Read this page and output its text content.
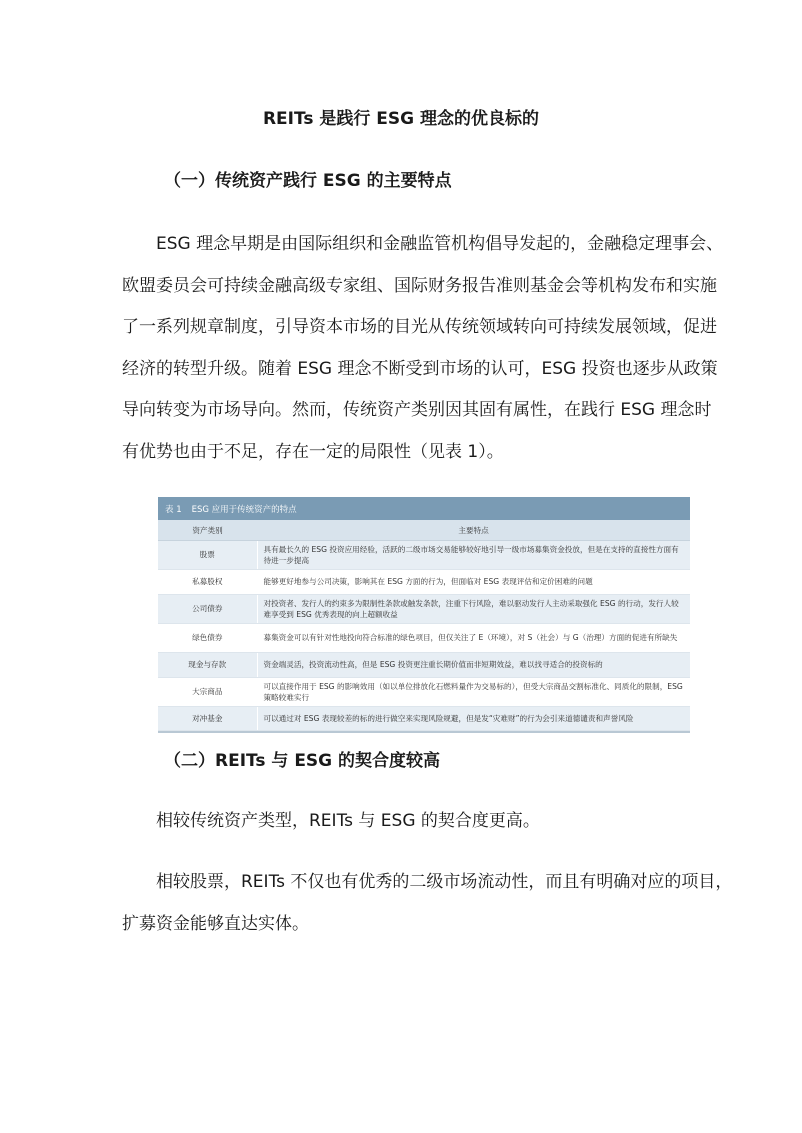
REITs 是践行 ESG 理念的优良标的
（一）传统资产践行 ESG 的主要特点
ESG 理念早期是由国际组织和金融监管机构倡导发起的，金融稳定理事会、
欧盟委员会可持续金融高级专家组、国际财务报告准则基金会等机构发布和实施
了一系列规章制度，引导资本市场的目光从传统领域转向可持续发展领域，促进
经济的转型升级。随着 ESG 理念不断受到市场的认可，ESG 投资也逐步从政策
导向转变为市场导向。然而，传统资产类别因其固有属性，在践行 ESG 理念时
有优势也由于不足，存在一定的局限性（见表 1）。
表 1 ESG 应用于传统资产的特点
资产类别	主要特点
股票	具有最长久的 ESG 投资应用经验，活跃的二级市场交易能够较好地引导一级市场募集资金投放，但是在支持的直接性方面有待进一步提高
私募股权	能够更好地参与公司决策，影响其在 ESG 方面的行为，但面临对 ESG 表现评估和定价困难的问题
公司债券	对投资者、发行人的约束多为限制性条款或触发条款，注重下行风险，难以驱动发行人主动采取强化 ESG 的行动，发行人较难享受到 ESG 优秀表现的向上超额收益
绿色债券	募集资金可以有针对性地投向符合标准的绿色项目，但仅关注了 E（环境），对 S（社会）与 G（治理）方面的促进有所缺失
现金与存款	资金端灵活，投资流动性高，但是 ESG 投资更注重长期价值而非短期效益，难以找寻适合的投资标的
大宗商品	可以直接作用于 ESG 的影响效用（如以单位排放化石燃料量作为交易标的），但受大宗商品交割标准化、同质化的限制，ESG 策略较难实行
对冲基金	可以通过对 ESG 表现较差的标的进行做空来实现风险规避，但是发“灾难财”的行为会引来道德谴责和声誉风险
（二）REITs 与 ESG 的契合度较高
相较传统资产类型，REITs 与 ESG 的契合度更高。
相较股票，REITs 不仅也有优秀的二级市场流动性，而且有明确对应的项目，
扩募资金能够直达实体。
